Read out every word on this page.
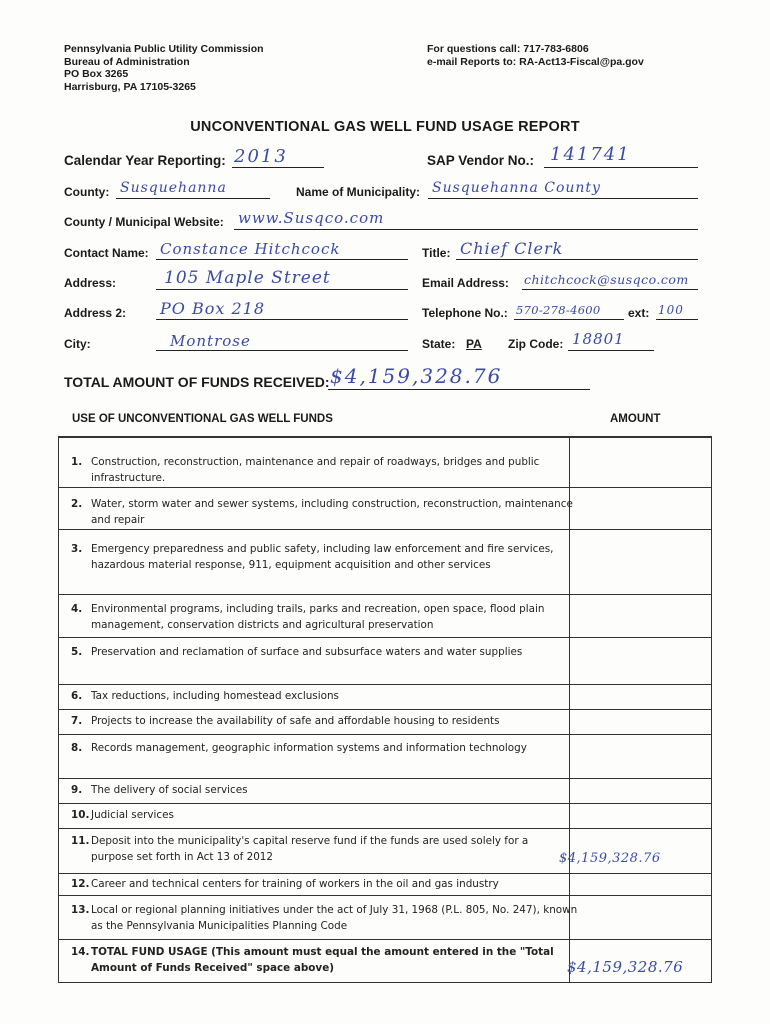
Pennsylvania Public Utility Commission
Bureau of Administration
PO Box 3265
Harrisburg, PA 17105-3265
For questions call: 717-783-6806
e-mail Reports to: RA-Act13-Fiscal@pa.gov
UNCONVENTIONAL GAS WELL FUND USAGE REPORT
Calendar Year Reporting: 2013	SAP Vendor No.: 141741
County: Susquehanna	Name of Municipality: Susquehanna County
County / Municipal Website: www.Susqco.com
Contact Name: Constance Hitchcock	Title: Chief Clerk
Address:	105 Maple Street	Email Address: chitchcock@susqco.com
Address 2: PO Box 218	Telephone No.: 570-278-4600 ext: 100
City:	Montrose	State: PA Zip Code: 18801
TOTAL AMOUNT OF FUNDS RECEIVED: $4,159,328.76
USE OF UNCONVENTIONAL GAS WELL FUNDS	AMOUNT
1. Construction, reconstruction, maintenance and repair of roadways, bridges and public infrastructure.
2. Water, storm water and sewer systems, including construction, reconstruction, maintenance and repair
3. Emergency preparedness and public safety, including law enforcement and fire services, hazardous material response, 911, equipment acquisition and other services
4. Environmental programs, including trails, parks and recreation, open space, flood plain management, conservation districts and agricultural preservation
5. Preservation and reclamation of surface and subsurface waters and water supplies
6. Tax reductions, including homestead exclusions
7. Projects to increase the availability of safe and affordable housing to residents
8. Records management, geographic information systems and information technology
9. The delivery of social services
10. Judicial services
11. Deposit into the municipality's capital reserve fund if the funds are used solely for a purpose set forth in Act 13 of 2012	$4,159,328.76
12. Career and technical centers for training of workers in the oil and gas industry
13. Local or regional planning initiatives under the act of July 31, 1968 (P.L. 805, No. 247), known as the Pennsylvania Municipalities Planning Code
14. TOTAL FUND USAGE (This amount must equal the amount entered in the "Total Amount of Funds Received" space above)	$4,159,328.76
